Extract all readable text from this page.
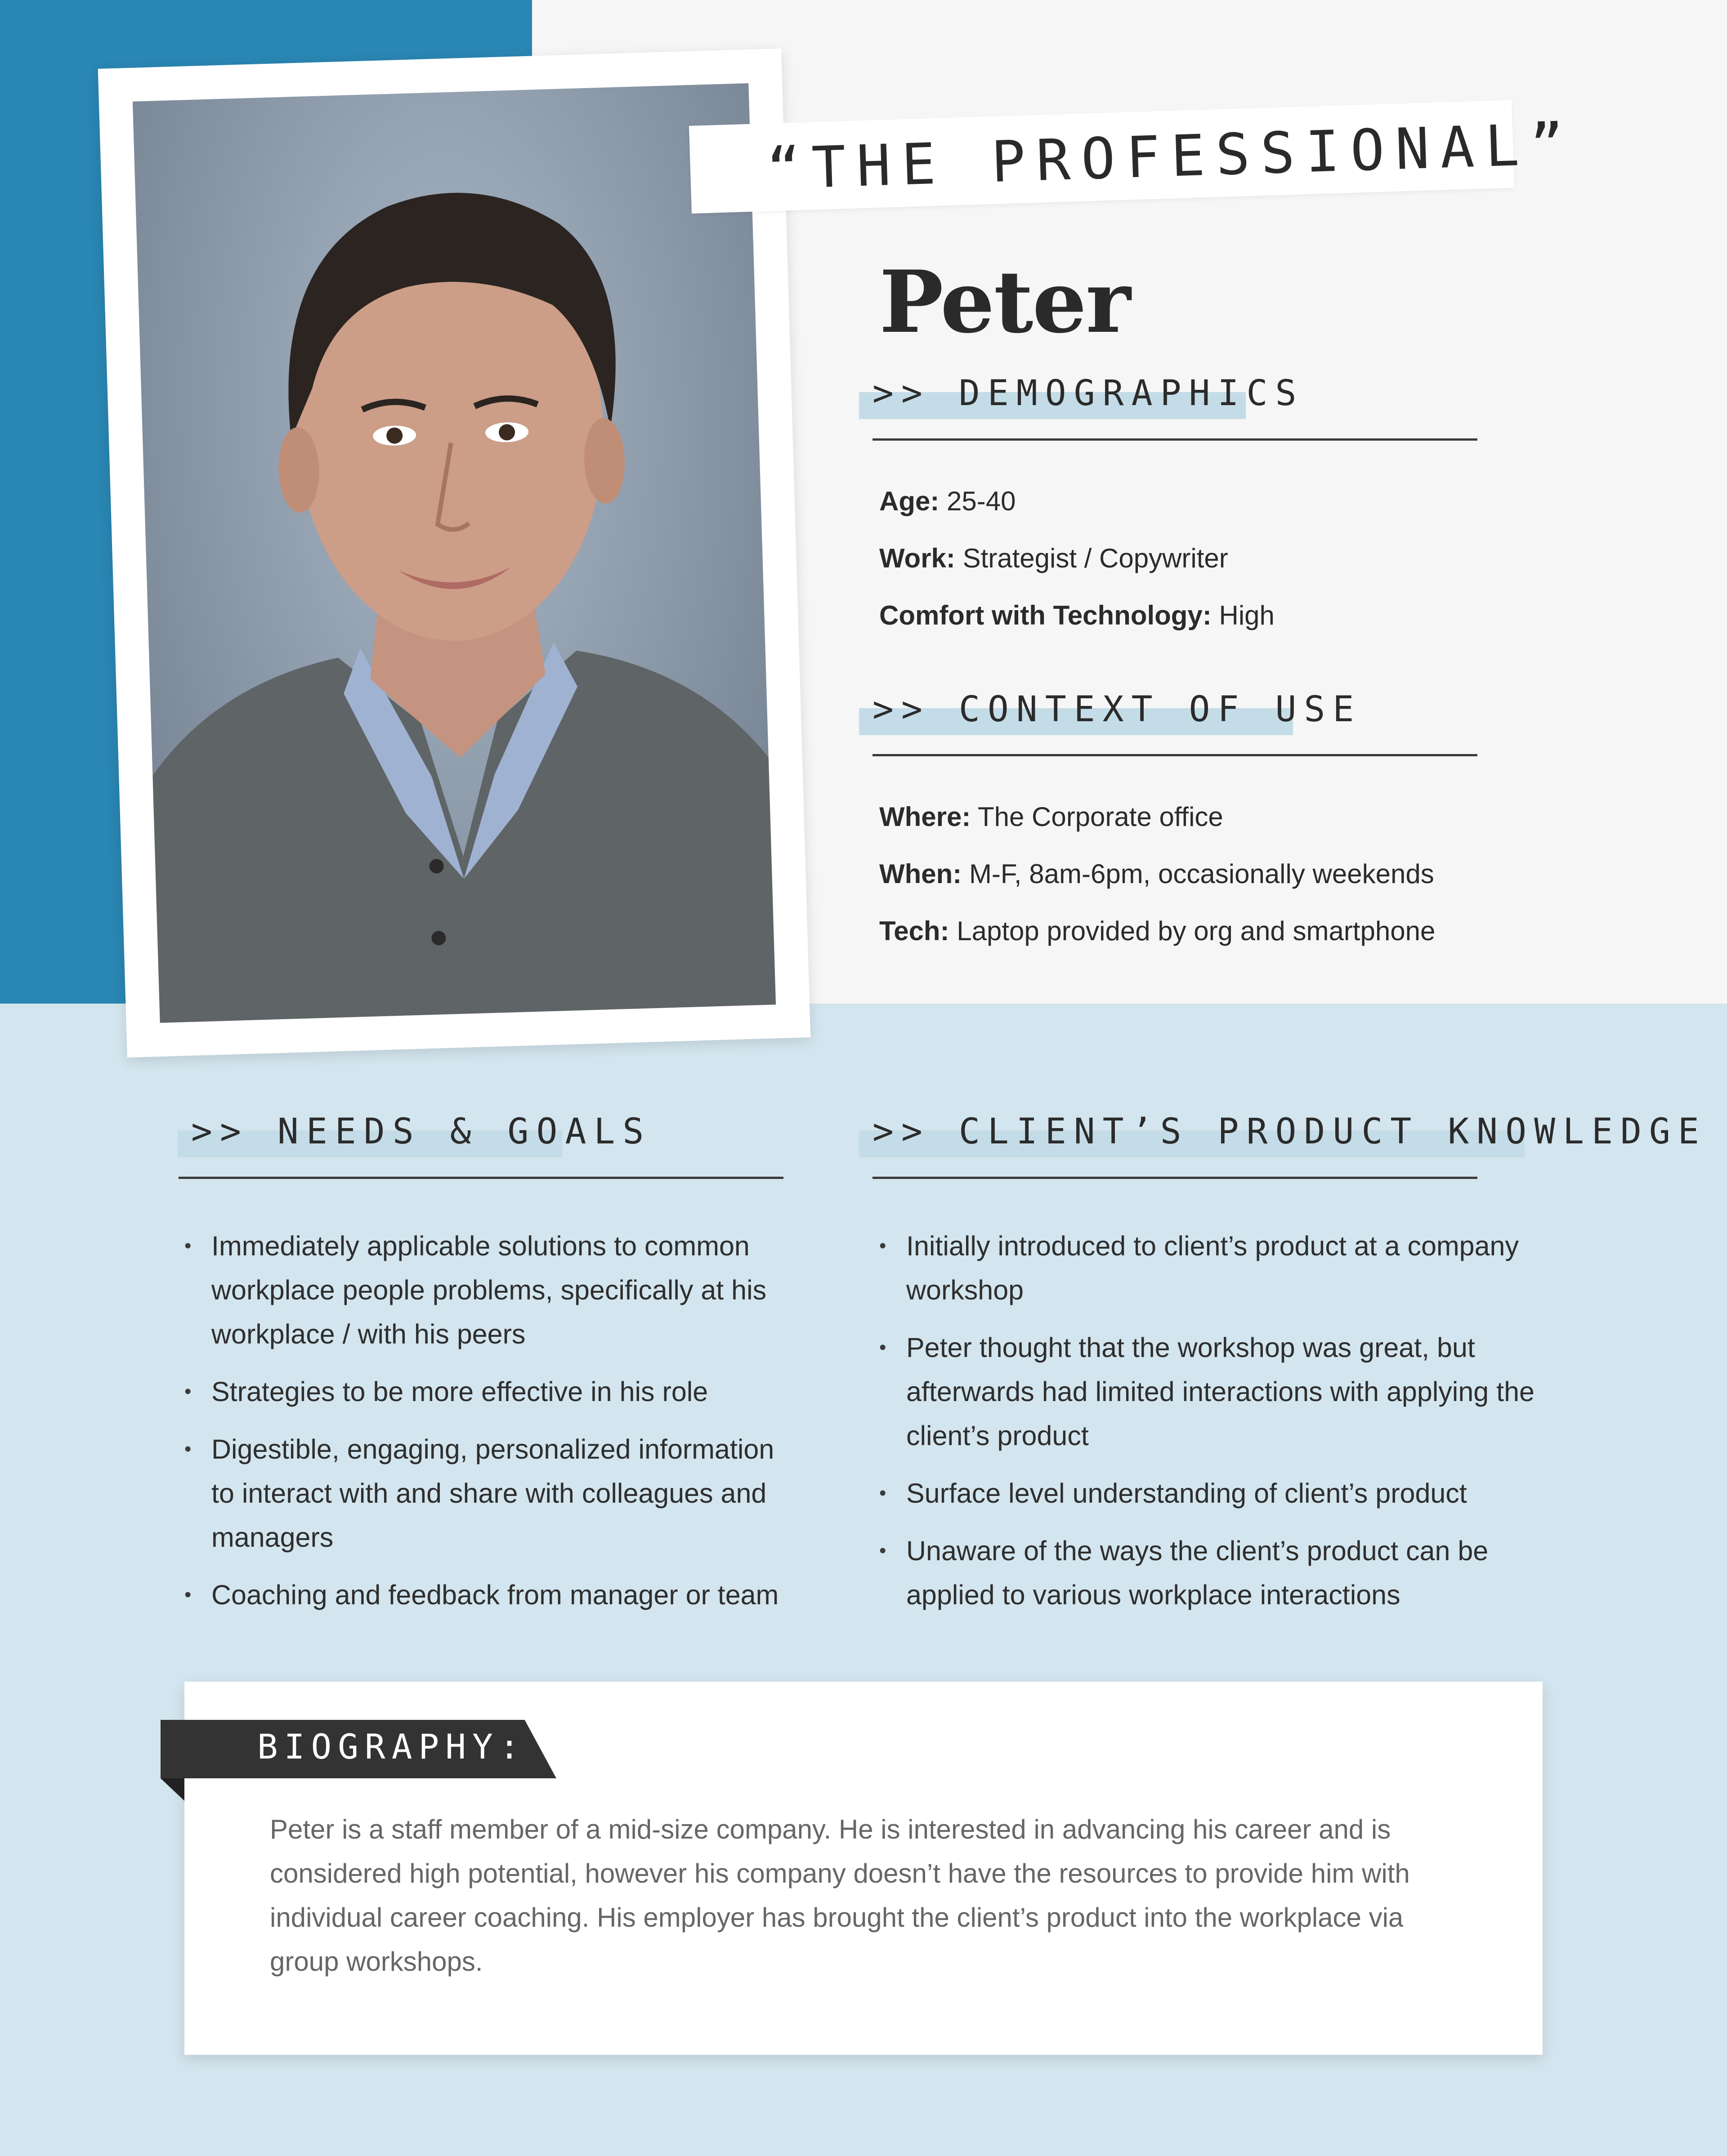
“THE PROFESSIONAL”
Peter
>> DEMOGRAPHICS
Age: 25-40
Work: Strategist / Copywriter
Comfort with Technology: High
>> CONTEXT OF USE
Where: The Corporate office
When: M-F, 8am-6pm, occasionally weekends
Tech: Laptop provided by org and smartphone
>> NEEDS & GOALS
• Immediately applicable solutions to common workplace people problems, specifically at his workplace / with his peers
• Strategies to be more effective in his role
• Digestible, engaging, personalized information to interact with and share with colleagues and managers
• Coaching and feedback from manager or team
>> CLIENT’S PRODUCT KNOWLEDGE
• Initially introduced to client’s product at a company workshop
• Peter thought that the workshop was great, but afterwards had limited interactions with applying the client’s product
• Surface level understanding of client’s product
• Unaware of the ways the client’s product can be applied to various workplace interactions
BIOGRAPHY:
Peter is a staff member of a mid-size company. He is interested in advancing his career and is considered high potential, however his company doesn’t have the resources to provide him with individual career coaching. His employer has brought the client’s product into the workplace via group workshops.
